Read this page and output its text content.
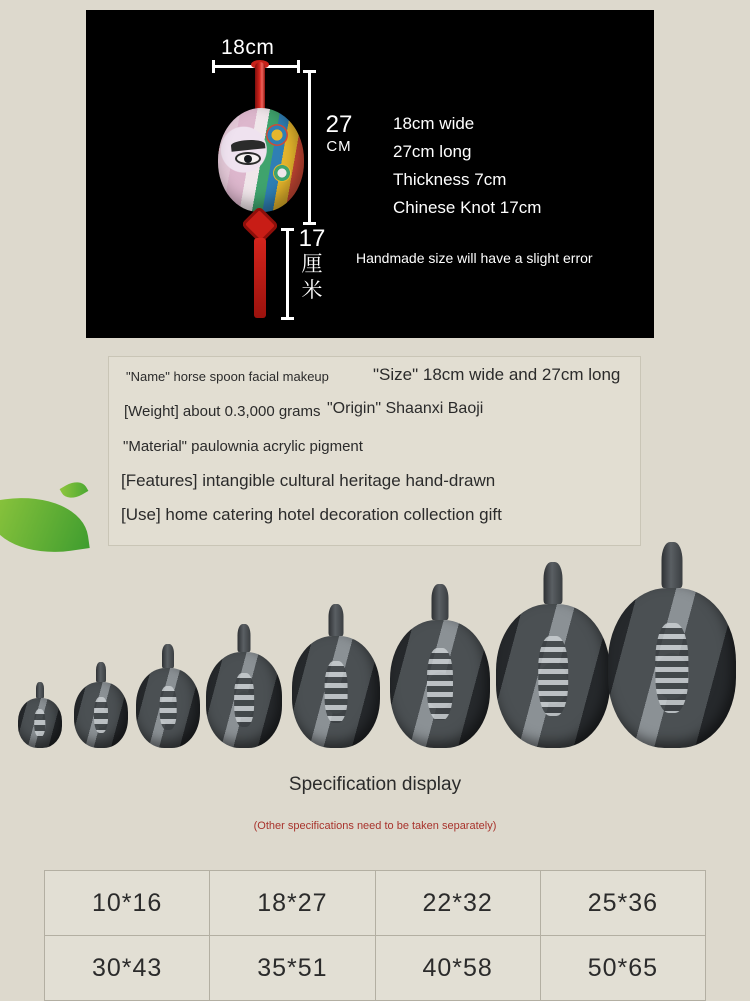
18cm
27
CM
17
厘米
18cm wide
27cm long
Thickness 7cm
Chinese Knot 17cm
Handmade size will have a slight error
"Name" horse spoon facial makeup	"Size" 18cm wide and 27cm long
[Weight] about 0.3,000 grams "Origin" Shaanxi Baoji
"Material" paulownia acrylic pigment
[Features] intangible cultural heritage hand-drawn
[Use] home catering hotel decoration collection gift
Specification display
(Other specifications need to be taken separately)
10*16	18*27	22*32	25*36
30*43	35*51	40*58	50*65
